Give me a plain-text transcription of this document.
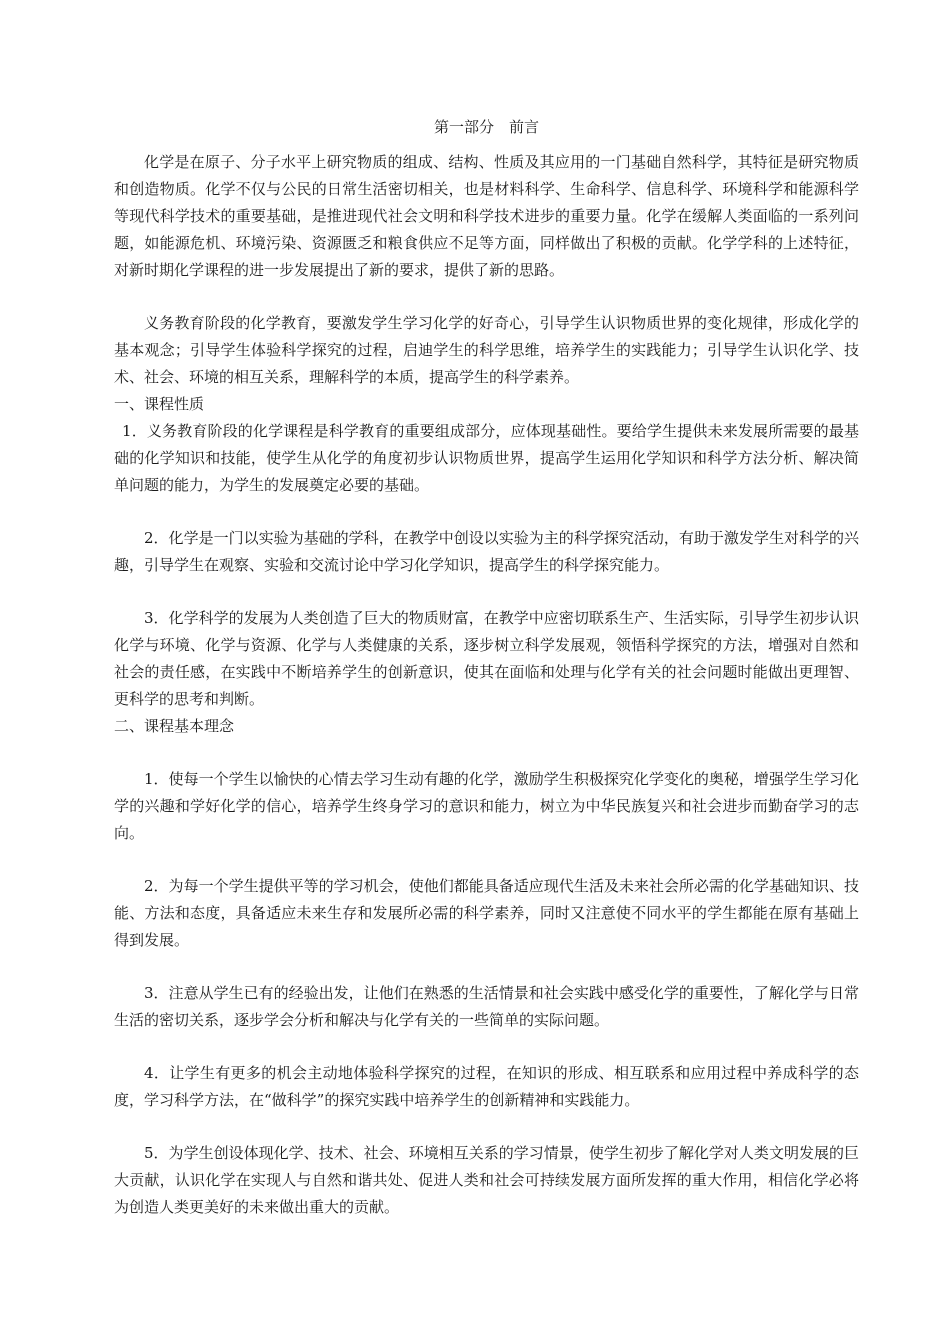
第一部分　前言

化学是在原子、分子水平上研究物质的组成、结构、性质及其应用的一门基础自然科学，其特征是研究物质和创造物质。化学不仅与公民的日常生活密切相关，也是材料科学、生命科学、信息科学、环境科学和能源科学等现代科学技术的重要基础，是推进现代社会文明和科学技术进步的重要力量。化学在缓解人类面临的一系列问题，如能源危机、环境污染、资源匮乏和粮食供应不足等方面，同样做出了积极的贡献。化学学科的上述特征，对新时期化学课程的进一步发展提出了新的要求，提供了新的思路。

义务教育阶段的化学教育，要激发学生学习化学的好奇心，引导学生认识物质世界的变化规律，形成化学的基本观念；引导学生体验科学探究的过程，启迪学生的科学思维，培养学生的实践能力；引导学生认识化学、技术、社会、环境的相互关系，理解科学的本质，提高学生的科学素养。

一、课程性质

1．义务教育阶段的化学课程是科学教育的重要组成部分，应体现基础性。要给学生提供未来发展所需要的最基础的化学知识和技能，使学生从化学的角度初步认识物质世界，提高学生运用化学知识和科学方法分析、解决简单问题的能力，为学生的发展奠定必要的基础。

2．化学是一门以实验为基础的学科，在教学中创设以实验为主的科学探究活动，有助于激发学生对科学的兴趣，引导学生在观察、实验和交流讨论中学习化学知识，提高学生的科学探究能力。

3．化学科学的发展为人类创造了巨大的物质财富，在教学中应密切联系生产、生活实际，引导学生初步认识化学与环境、化学与资源、化学与人类健康的关系，逐步树立科学发展观，领悟科学探究的方法，增强对自然和社会的责任感，在实践中不断培养学生的创新意识，使其在面临和处理与化学有关的社会问题时能做出更理智、更科学的思考和判断。

二、课程基本理念

1．使每一个学生以愉快的心情去学习生动有趣的化学，激励学生积极探究化学变化的奥秘，增强学生学习化学的兴趣和学好化学的信心，培养学生终身学习的意识和能力，树立为中华民族复兴和社会进步而勤奋学习的志向。

2．为每一个学生提供平等的学习机会，使他们都能具备适应现代生活及未来社会所必需的化学基础知识、技能、方法和态度，具备适应未来生存和发展所必需的科学素养，同时又注意使不同水平的学生都能在原有基础上得到发展。

3．注意从学生已有的经验出发，让他们在熟悉的生活情景和社会实践中感受化学的重要性，了解化学与日常生活的密切关系，逐步学会分析和解决与化学有关的一些简单的实际问题。

4．让学生有更多的机会主动地体验科学探究的过程，在知识的形成、相互联系和应用过程中养成科学的态度，学习科学方法，在“做科学”的探究实践中培养学生的创新精神和实践能力。

5．为学生创设体现化学、技术、社会、环境相互关系的学习情景，使学生初步了解化学对人类文明发展的巨大贡献，认识化学在实现人与自然和谐共处、促进人类和社会可持续发展方面所发挥的重大作用，相信化学必将为创造人类更美好的未来做出重大的贡献。
